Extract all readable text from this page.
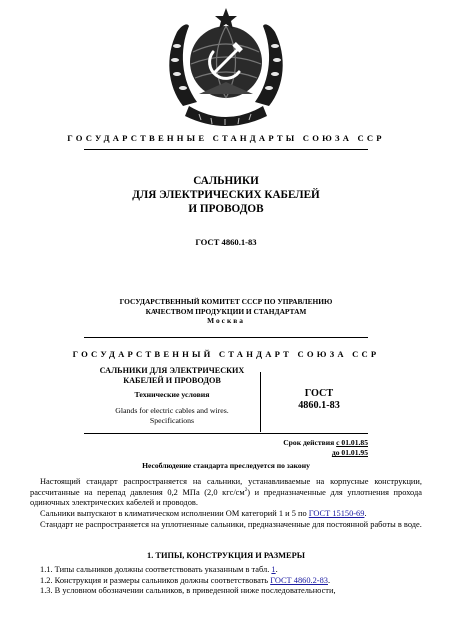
ГОСУДАРСТВЕННЫЕ СТАНДАРТЫ СОЮЗА ССР
САЛЬНИКИ
ДЛЯ ЭЛЕКТРИЧЕСКИХ КАБЕЛЕЙ
И ПРОВОДОВ
ГОСТ 4860.1-83
ГОСУДАРСТВЕННЫЙ КОМИТЕТ СССР ПО УПРАВЛЕНИЮ
КАЧЕСТВОМ ПРОДУКЦИИ И СТАНДАРТАМ
Москва
ГОСУДАРСТВЕННЫЙ СТАНДАРТ СОЮЗА ССР
САЛЬНИКИ ДЛЯ ЭЛЕКТРИЧЕСКИХ
КАБЕЛЕЙ И ПРОВОДОВ
Технические условия
Glands for electric cables and wires.
Specifications
ГОСТ
4860.1-83
Срок действия с 01.01.85
до 01.01.95
Несоблюдение стандарта преследуется по закону

Настоящий стандарт распространяется на сальники, устанавливаемые на корпусные конструкции, рассчитанные на перепад давления 0,2 МПа (2,0 кгс/$см^2$) и предназначенные для уплотнения прохода одиночных электрических кабелей и проводов.

Сальники выпускают в климатическом исполнении ОМ категорий 1 и 5 по ГОСТ 15150-69.

Стандарт не распространяется на уплотненные сальники, предназначенные для постоянной работы в воде.

1. ТИПЫ, КОНСТРУКЦИЯ И РАЗМЕРЫ

1.1. Типы сальников должны соответствовать указанным в табл. 1.

1.2. Конструкция и размеры сальников должны соответствовать ГОСТ 4860.2-83.

1.3. В условном обозначении сальников, в приведенной ниже последовательности,
